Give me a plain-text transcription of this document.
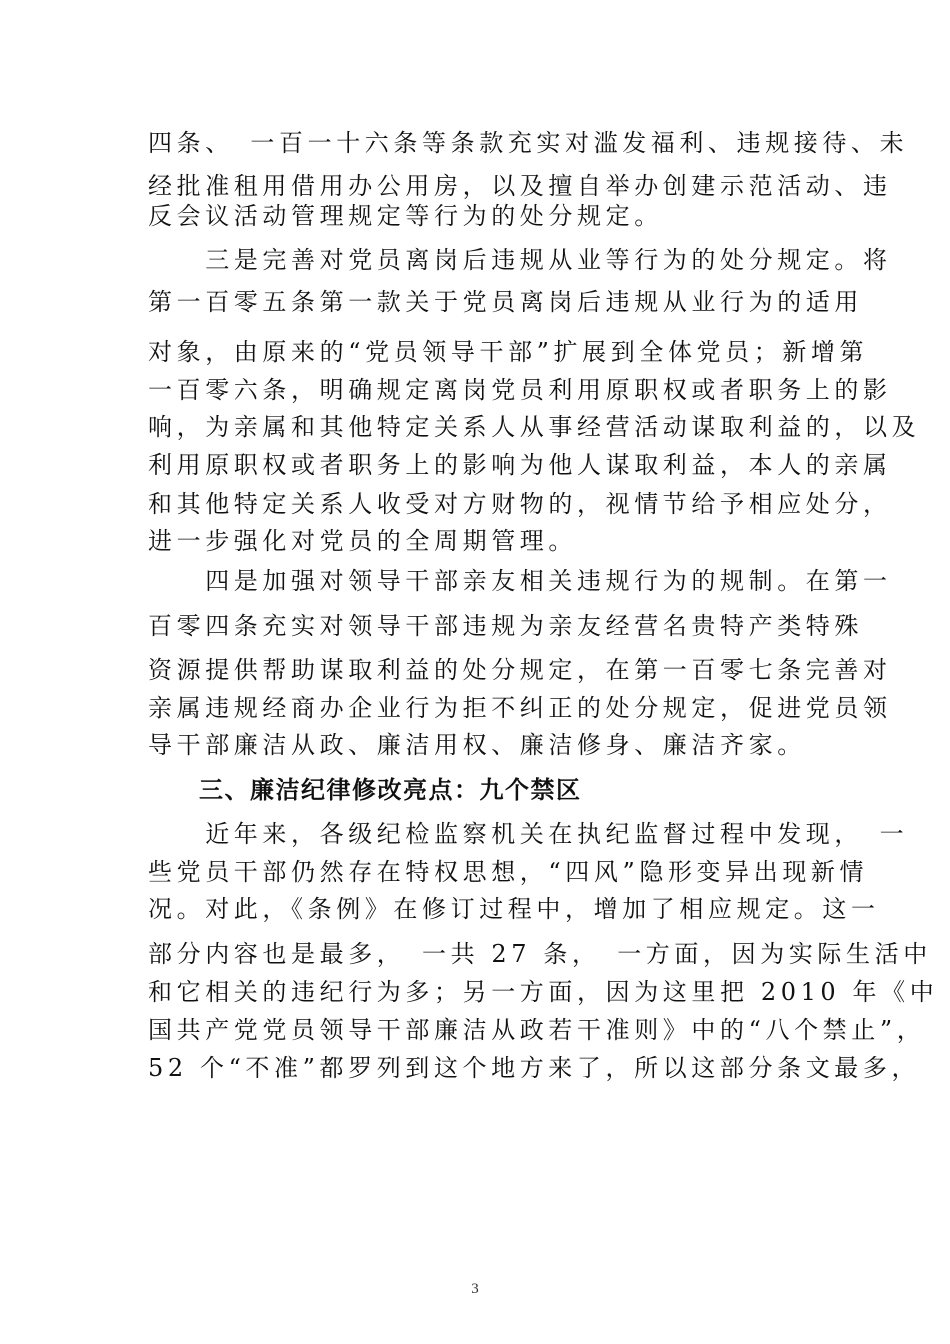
四条、　一百一十六条等条款充实对滥发福利、违规接待、未
经批准租用借用办公用房，以及擅自举办创建示范活动、违
反会议活动管理规定等行为的处分规定。
　　三是完善对党员离岗后违规从业等行为的处分规定。将
第一百零五条第一款关于党员离岗后违规从业行为的适用
对象，由原来的“党员领导干部”扩展到全体党员；新增第
一百零六条，明确规定离岗党员利用原职权或者职务上的影
响，为亲属和其他特定关系人从事经营活动谋取利益的，以及
利用原职权或者职务上的影响为他人谋取利益，本人的亲属
和其他特定关系人收受对方财物的，视情节给予相应处分，
进一步强化对党员的全周期管理。
　　四是加强对领导干部亲友相关违规行为的规制。在第一
百零四条充实对领导干部违规为亲友经营名贵特产类特殊
资源提供帮助谋取利益的处分规定，在第一百零七条完善对
亲属违规经商办企业行为拒不纠正的处分规定，促进党员领
导干部廉洁从政、廉洁用权、廉洁修身、廉洁齐家。
　　三、廉洁纪律修改亮点：九个禁区
　　近年来，各级纪检监察机关在执纪监督过程中发现，　一
些党员干部仍然存在特权思想，“四风”隐形变异出现新情
况。对此，《条例》在修订过程中，增加了相应规定。这一
部分内容也是最多，　一共 27 条，　一方面，因为实际生活中
和它相关的违纪行为多；另一方面，因为这里把 2010 年《中
国共产党党员领导干部廉洁从政若干准则》中的“八个禁止”，
52 个“不准”都罗列到这个地方来了，所以这部分条文最多，
3
